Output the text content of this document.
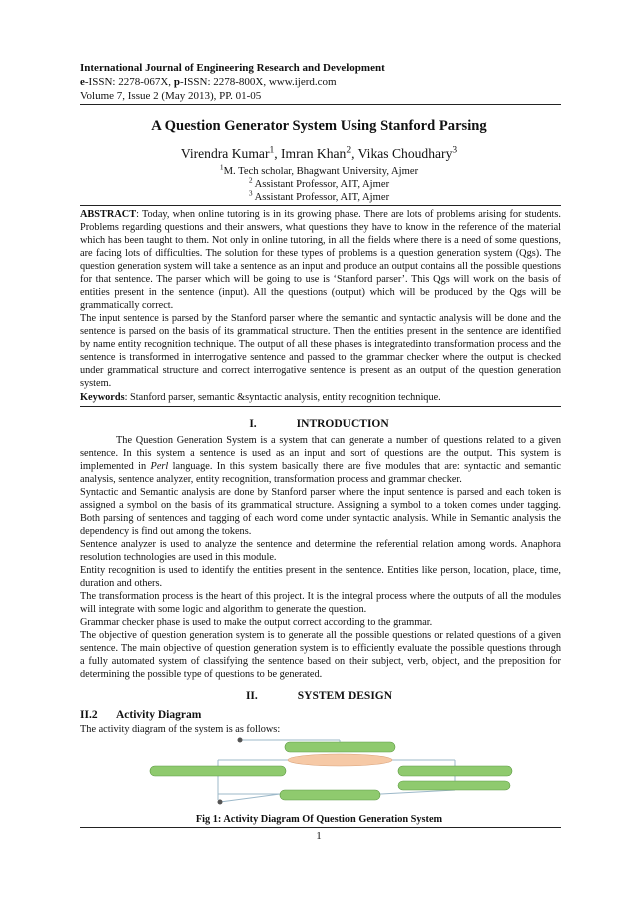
International Journal of Engineering Research and Development
e-ISSN: 2278-067X, p-ISSN: 2278-800X, www.ijerd.com
Volume 7, Issue 2 (May 2013), PP. 01-05
A Question Generator System Using Stanford Parsing
Virendra Kumar$^1$, Imran Khan$^2$, Vikas Choudhary$^3$
$^1$M. Tech scholar, Bhagwant University, Ajmer
$^2$ Assistant Professor, AIT, Ajmer
$^3$ Assistant Professor, AIT, Ajmer
ABSTRACT: Today, when online tutoring is in its growing phase. There are lots of problems arising for students. Problems regarding questions and their answers, what questions they have to know in the reference of the material which has been taught to them. Not only in online tutoring, in all the fields where there is a need of some questions, are facing lots of difficulties. The solution for these types of problems is a question generation system (Qgs). The question generation system will take a sentence as an input and produce an output contains all the possible questions for that sentence. The parser which will be going to use is ‘Stanford parser’. This Qgs will work on the basis of entities present in the sentence (input). All the questions (output) which will be produced by the Qgs will be grammatically correct.
The input sentence is parsed by the Stanford parser where the semantic and syntactic analysis will be done and the sentence is parsed on the basis of its grammatical structure. Then the entities present in the sentence are identified by name entity recognition technique. The output of all these phases is integratedinto transformation process and the sentence is transformed in interrogative sentence and passed to the grammar checker where the output is checked under grammatical structure and correct interrogative sentence is present as an output of the question generation system.
Keywords: Stanford parser, semantic &syntactic analysis, entity recognition technique.
I.	INTRODUCTION
The Question Generation System is a system that can generate a number of questions related to a given sentence. In this system a sentence is used as an input and sort of questions are the output. This system is implemented in Perl language. In this system basically there are five modules that are: syntactic and semantic analysis, sentence analyzer, entity recognition, transformation process and grammar checker.
Syntactic and Semantic analysis are done by Stanford parser where the input sentence is parsed and each token is assigned a symbol on the basis of its grammatical structure. Assigning a symbol to a token comes under tagging. Both parsing of sentences and tagging of each word come under syntactic analysis. While in Semantic analysis the dependency is find out among the tokens.
Sentence analyzer is used to analyze the sentence and determine the referential relation among words. Anaphora resolution technologies are used in this module.
Entity recognition is used to identify the entities present in the sentence. Entities like person, location, place, time, duration and others.
The transformation process is the heart of this project. It is the integral process where the outputs of all the modules will integrate with some logic and algorithm to generate the question.
Grammar checker phase is used to make the output correct according to the grammar.
The objective of question generation system is to generate all the possible questions or related questions of a given sentence. The main objective of question generation system is to efficiently evaluate the possible questions through a fully automated system of classifying the sentence based on their subject, verb, object, and the preposition for determining the possible type of questions to be generated.
II.	SYSTEM DESIGN
II.2 Activity Diagram
The activity diagram of the system is as follows:
Fig 1: Activity Diagram Of Question Generation System
1
